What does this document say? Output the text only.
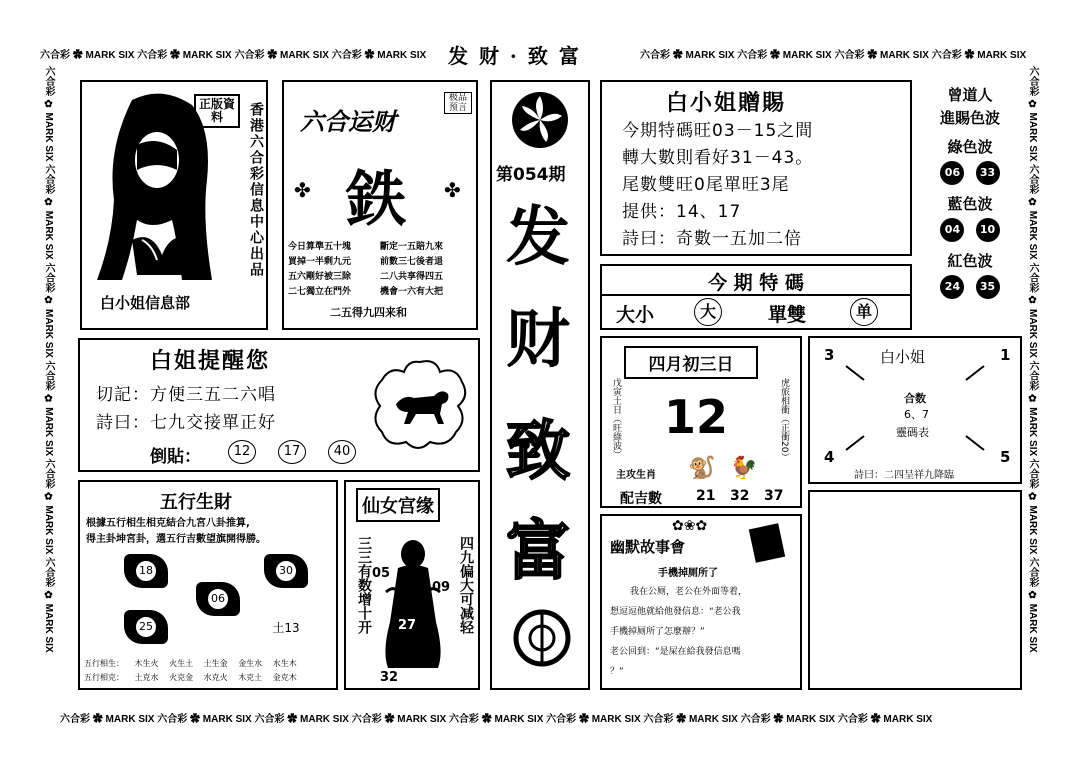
六合彩 ✿ MARK SIX 六合彩 ✿ MARK SIX 六合彩 ✿ MARK SIX 六合彩 ✿ MARK SIX	发 财 · 致 富	六合彩 ✿ MARK SIX 六合彩 ✿ MARK SIX 六合彩 ✿ MARK SIX 六合彩 ✿ MARK SIX
六合彩 ✿ MARK SIX 六合彩 ✿ MARK SIX 六合彩 ✿ MARK SIX 六合彩 ✿ MARK SIX 六合彩 ✿ MARK SIX 六合彩 ✿ MARK SIX 六合彩 ✿ MARK SIX 六合彩 ✿ MARK SIX 六合彩 ✿ MARK SIX
六合彩 ✿ MARK SIX 六合彩 ✿ MARK SIX 六合彩 ✿ MARK SIX 六合彩 ✿ MARK SIX 六合彩 ✿ MARK SIX 六合彩 ✿ MARK SIX
六合彩 ✿ MARK SIX 六合彩 ✿ MARK SIX 六合彩 ✿ MARK SIX 六合彩 ✿ MARK SIX 六合彩 ✿ MARK SIX 六合彩 ✿ MARK SIX
正版資料
白小姐信息部
香港六合彩信息中心出品 六合运财
极品预言
鉄
✤	✤
今日算準五十塊	斷定一五賠九來
買掉一半剩九元	前數三七後者退
五六剛好被三除	二八共享得四五
二七獨立在門外	機會一六有大把
二五得九四来和
第054期
发
财
致
富
白小姐贈賜
今期特碼旺03－15之間
轉大數則看好31－43。
尾數雙旺0尾單旺3尾
提供：14、17
詩曰：奇數一五加二倍
曾道人
進賜色波
綠色波
06 33
藍色波
04 10
紅色波
24 35
今 期 特 碼
大小	大	單雙	单
白姐提醒您
切記：方便三五二六唱
詩曰：七九交接單正好
倒貼：	12	17	40
四月初三日
戊寅土日（旺綠波）	虎旅相衝（正衝20）
12
主攻生肖 🐒 🐓
配吉數 21 32 37
白小姐
3	1
4	5
合数
6、7
靈碼表
詩曰：二四呈祥九降臨
五行生財
根據五行相生相克結合九宮八卦推算,
得主卦坤宮卦，選五行吉數望旗開得勝。
18
06
30
25	土13
五行相生： 木生火 火生土 土生金 金生水 水生木
五行相克： 土克水 火克金 水克火 木克土 金克木
仙女宫缘
三三有数增十开	四九偏大可减轻
05
09
27
32
✿❀✿
幽默故事會
手機掉厕所了
我在公厕，老公在外面等着，
想逗逗他就給他發信息：“老公我
手機掉厕所了怎麼辦？”
老公回到：“是屎在給我發信息嗎
？”
